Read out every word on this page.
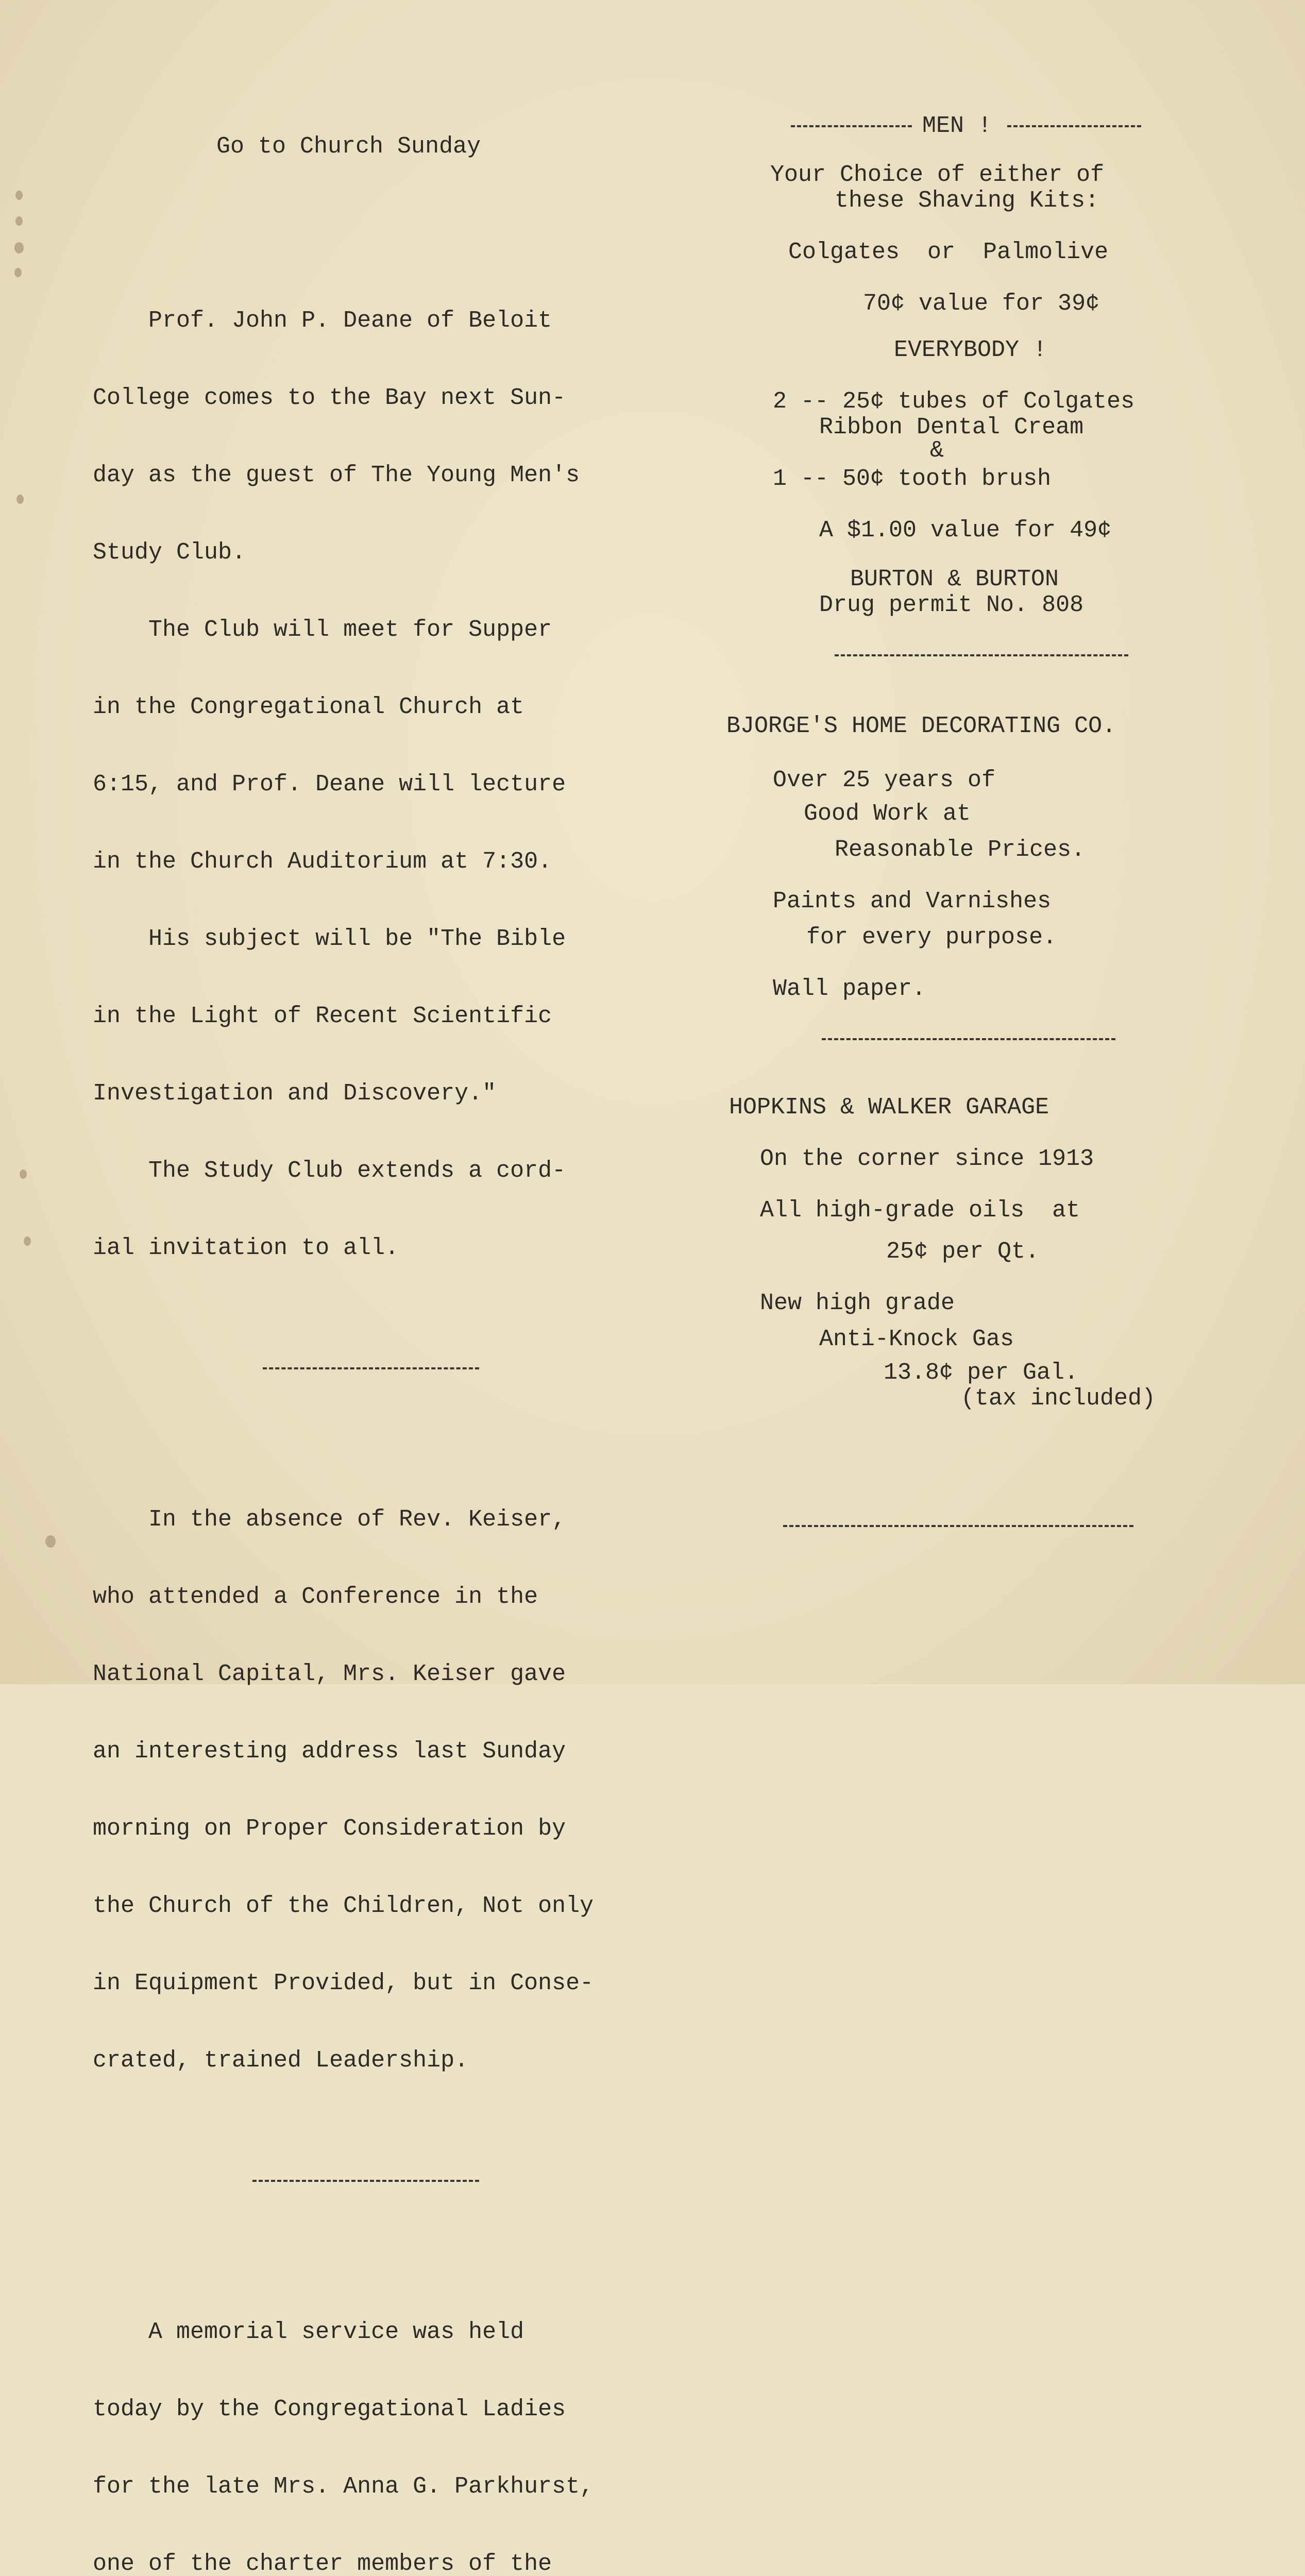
Go to Church Sunday

Prof. John P. Deane of Beloit

College comes to the Bay next Sun-

day as the guest of The Young Men's

Study Club.

The Club will meet for Supper

in the Congregational Church at

6:15, and Prof. Deane will lecture

in the Church Auditorium at 7:30.

His subject will be "The Bible

in the Light of Recent Scientific

Investigation and Discovery."

The Study Club extends a cord-

ial invitation to all.

In the absence of Rev. Keiser,

who attended a Conference in the

National Capital, Mrs. Keiser gave

an interesting address last Sunday

morning on Proper Consideration by

the Church of the Children, Not only

in Equipment Provided, but in Conse-

crated, trained Leadership.

A memorial service was held

today by the Congregational Ladies

for the late Mrs. Anna G. Parkhurst,

one of the charter members of the

MEN !
Your Choice of either of
these Shaving Kits:
Colgates  or  Palmolive
70¢ value for 39¢
EVERYBODY !
2 -- 25¢ tubes of Colgates
Ribbon Dental Cream
&
1 -- 50¢ tooth brush
A $1.00 value for 49¢
BURTON & BURTON
Drug permit No. 808
BJORGE'S HOME DECORATING CO.
Over 25 years of
Good Work at
Reasonable Prices.
Paints and Varnishes
for every purpose.
Wall paper.
HOPKINS & WALKER GARAGE
On the corner since 1913
All high-grade oils  at
25¢ per Qt.
New high grade
Anti-Knock Gas
13.8¢ per Gal.
(tax included)
